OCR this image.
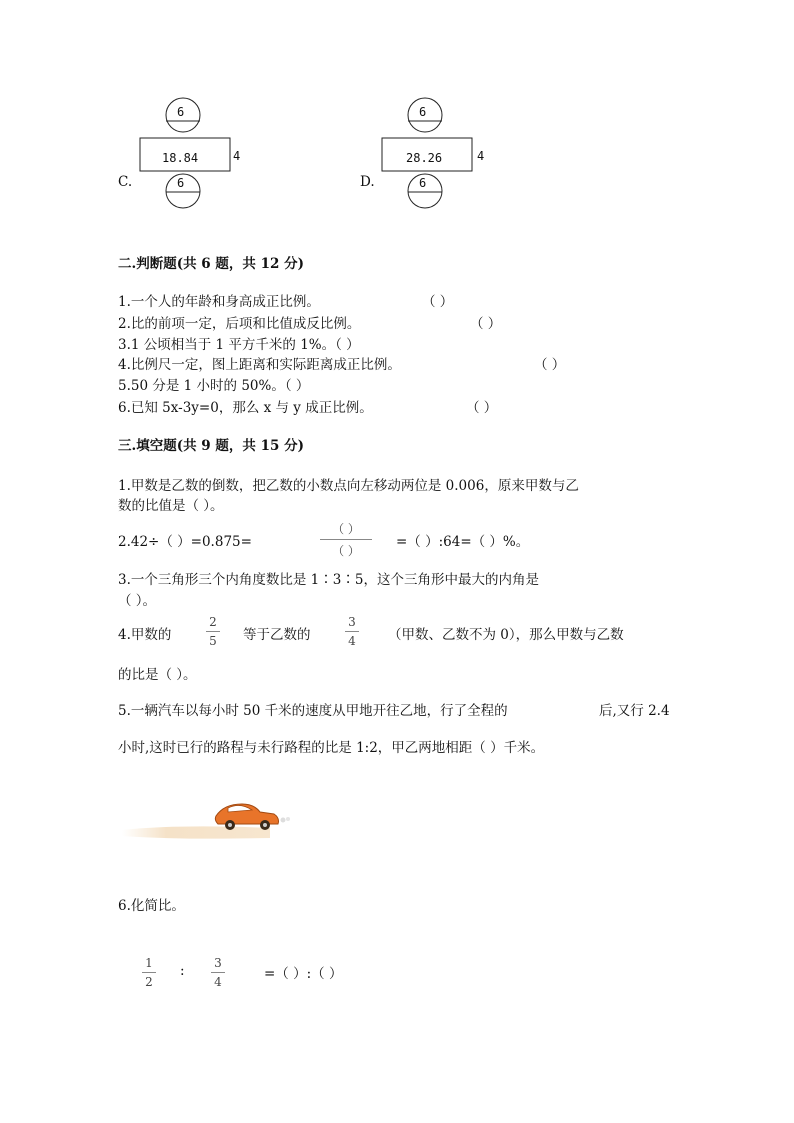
6
18.84	4
6
C.
6
28.26	4
6
D.
二.判断题(共 6 题，共 12 分)
1.一个人的年龄和身高成正比例。	（ ）
2.比的前项一定，后项和比值成反比例。	（ ）
3.1 公顷相当于 1 平方千米的 1%。（ ）
4.比例尺一定，图上距离和实际距离成正比例。	（ ）
5.50 分是 1 小时的 50%。（ ）
6.已知 5x-3y=0，那么 x 与 y 成正比例。	（ ）
三.填空题(共 9 题，共 15 分)
1.甲数是乙数的倒数，把乙数的小数点向左移动两位是 0.006，原来甲数与乙
数的比值是（ ）。
2.42÷（ ）=0.875=
（ ）
（ ）
=（ ）:64=（ ）%。
3.一个三角形三个内角度数比是 1∶3∶5，这个三角形中最大的内角是
（ ）。
4.甲数的
2
5 等于乙数的
3
4 （甲数、乙数不为 0），那么甲数与乙数
的比是（ ）。
5.一辆汽车以每小时 50 千米的速度从甲地开往乙地，行了全程的	后,又行 2.4
小时,这时已行的路程与未行路程的比是 1:2，甲乙两地相距（ ）千米。
6.化简比。
1
2
: 3
4	=（ ）:（ ）
